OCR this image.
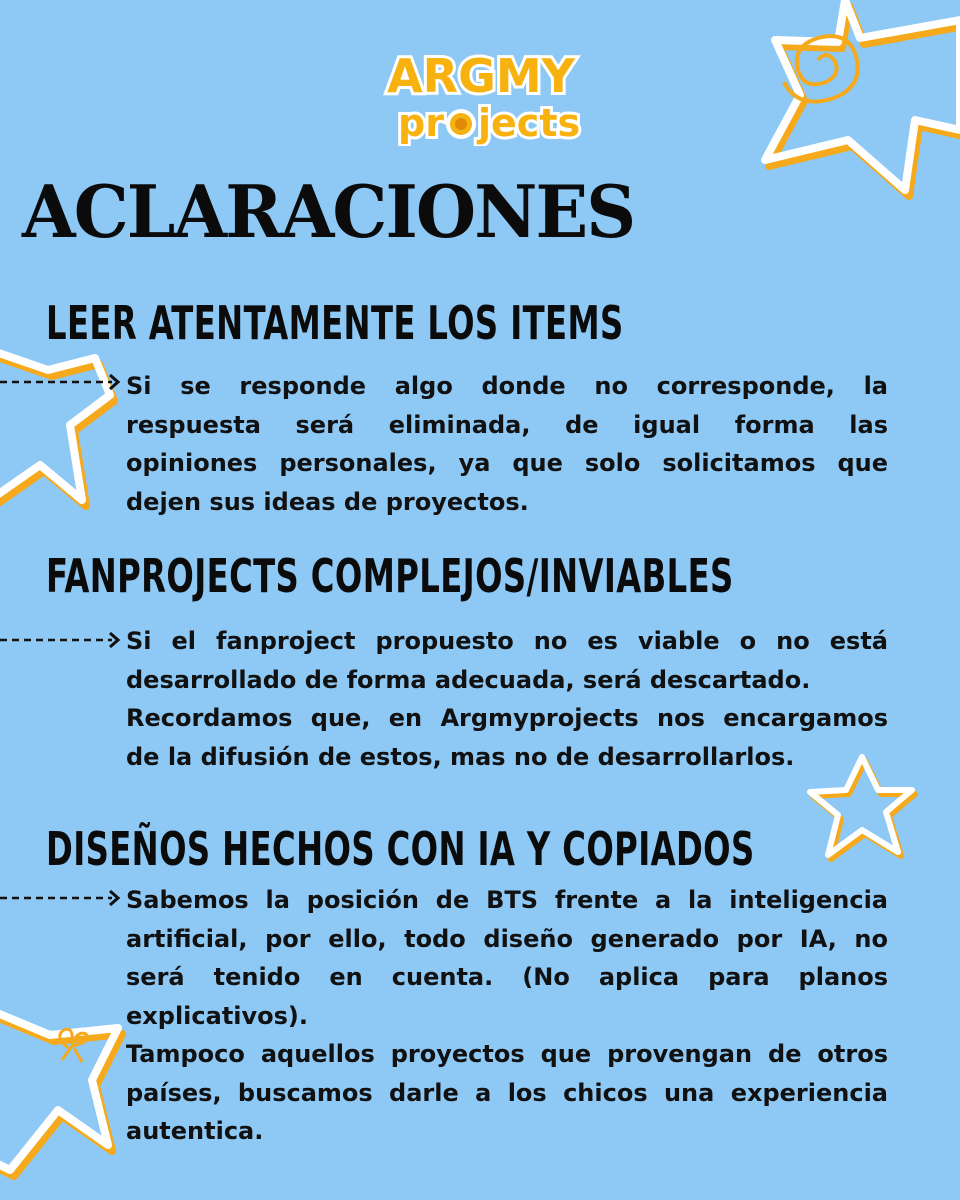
ARGMY
pr jects
ACLARACIONES
LEER ATENTAMENTE LOS ITEMS

Si se responde algo donde no corresponde, la
respuesta será eliminada, de igual forma las
opiniones personales, ya que solo solicitamos que
dejen sus ideas de proyectos.

FANPROJECTS COMPLEJOS/INVIABLES

Si el fanproject propuesto no es viable o no está
desarrollado de forma adecuada, será descartado.
Recordamos que, en Argmyprojects nos encargamos
de la difusión de estos, mas no de desarrollarlos.

DISEÑOS HECHOS CON IA Y COPIADOS

Sabemos la posición de BTS frente a la inteligencia
artificial, por ello, todo diseño generado por IA, no
será tenido en cuenta. (No aplica para planos
explicativos).
Tampoco aquellos proyectos que provengan de otros
países, buscamos darle a los chicos una experiencia
autentica.
